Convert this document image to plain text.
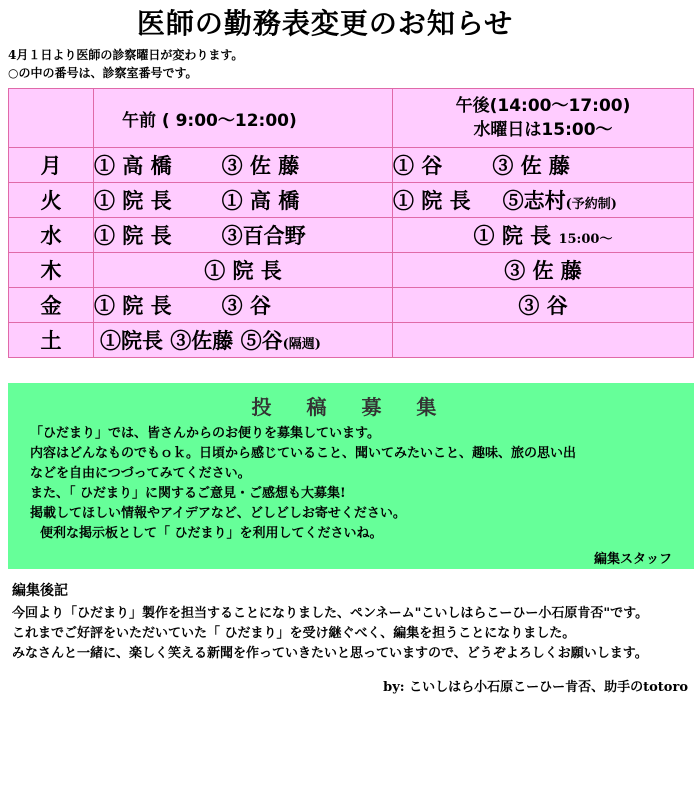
医師の勤務表変更のお知らせ
4月１日より医師の診察曜日が変わります。
○の中の番号は、診察室番号です。
	午前 ( 9:00〜12:00)	午後(14:00〜17:00)
水曜日は15:00〜

月	① 高 橋 ③ 佐 藤	① 谷 ③ 佐 藤
火	① 院 長 ① 高 橋	① 院 長 ⑤志村(予約制)
水	① 院 長 ③百合野	① 院 長 15:00〜
木	① 院 長	③ 佐 藤
金	① 院 長 ③ 谷	③ 谷
土	①院長 ③佐藤 ⑤谷(隔週)	
投 稿 募 集

「ひだまり」では、皆さんからのお便りを募集しています。

内容はどんなものでもｏｋ。日頃から感じていること、聞いてみたいこと、趣味、旅の思い出

などを自由につづってみてください。

また、「 ひだまり」に関するご意見・ご感想も大募集!

掲載してほしい情報やアイデアなど、どしどしお寄せください。

便利な掲示板として「 ひだまり」を利用してくださいね。

編集スタッフ

編集後記

今回より「ひだまり」製作を担当することになりました、ペンネーム"こいしはらこーひー小石原肯否"です。

これまでご好評をいただいていた「 ひだまり」を受け継ぐべく、編集を担うことになりました。

みなさんと一緒に、楽しく笑える新聞を作っていきたいと思っていますので、どうぞよろしくお願いします。

by: こいしはら小石原こーひー肯否、助手のtotoro
